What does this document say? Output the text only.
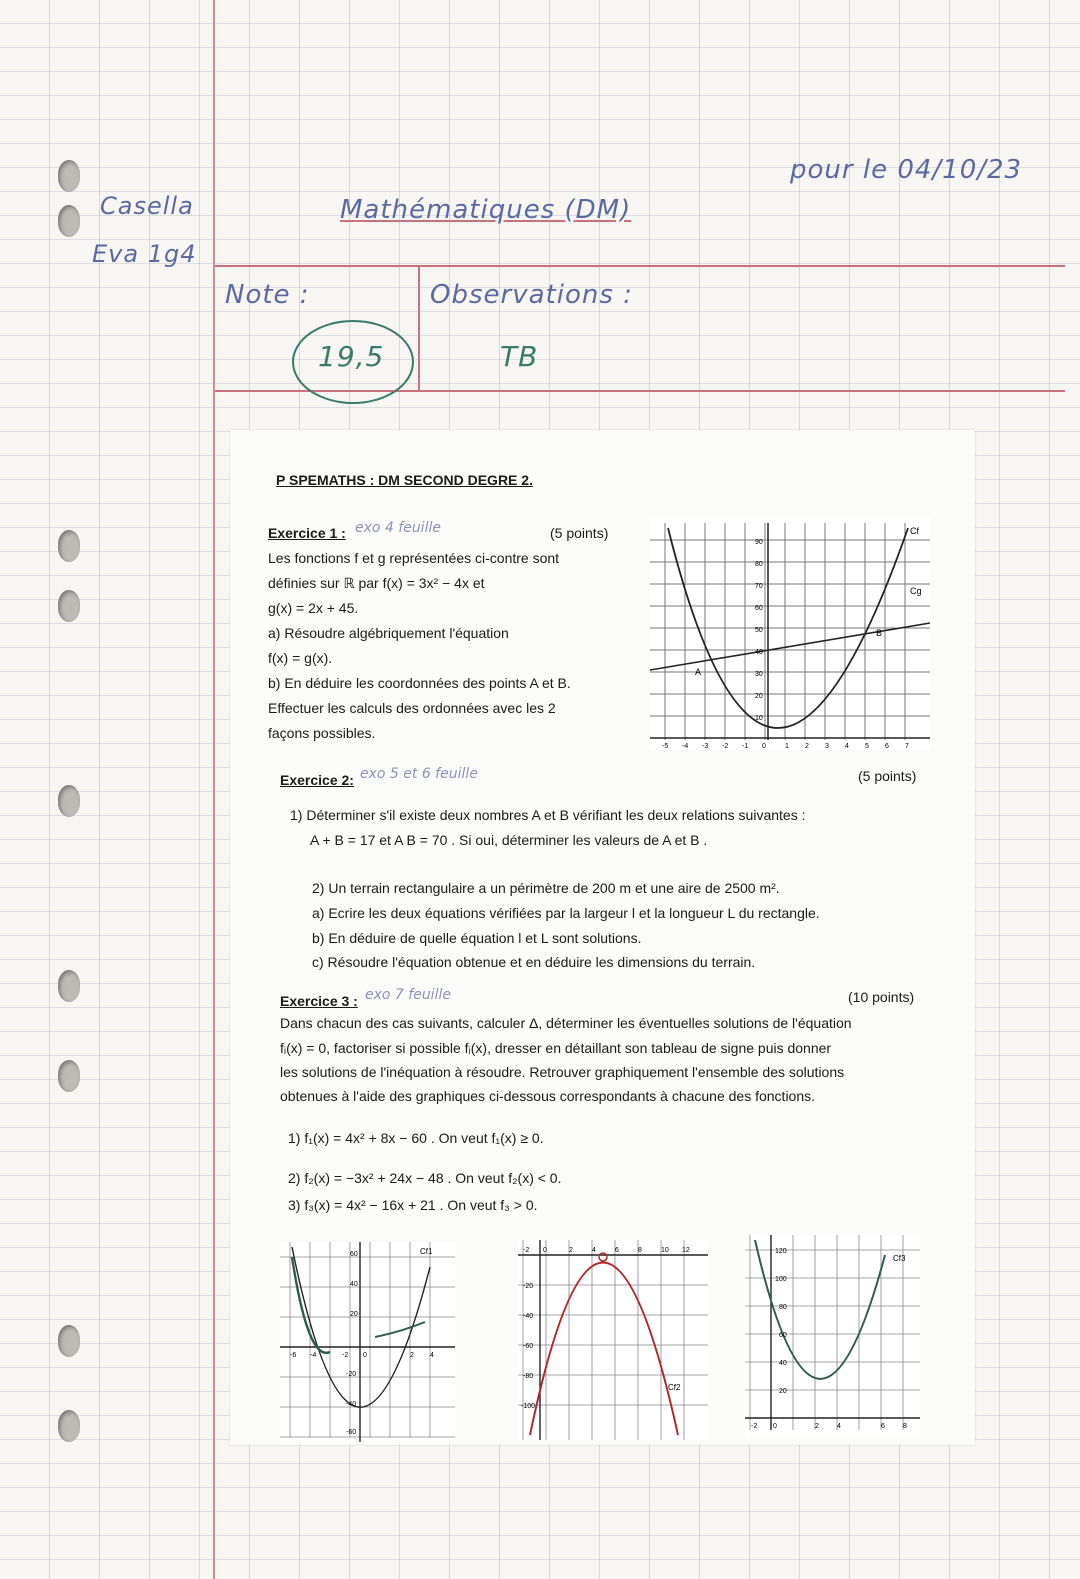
Casella
Eva 1g4
Mathématiques (DM)
pour le 04/10/23
Note :	Observations :
19,5	TB
P SPEMATHS : DM SECOND DEGRE 2.
Exercice 1 : exo 4 feuille	(5 points)
Les fonctions f et g représentées ci-contre sont
définies sur ℝ par f(x) = 3x² − 4x et
g(x) = 2x + 45.
a) Résoudre algébriquement l'équation
f(x) = g(x).
b) En déduire les coordonnées des points A et B.
Effectuer les calculs des ordonnées avec les 2
façons possibles.
90
80
70
60
50
40
30
20
10
-5 -4 -3 -2 -1 0	1 2 3 4 5 6 7
Cf
Cg
A
B
Exercice 2: exo 5 et 6 feuille	(5 points)
1) Déterminer s'il existe deux nombres A et B vérifiant les deux relations suivantes :
A + B = 17 et A B = 70 . Si oui, déterminer les valeurs de A et B .
2) Un terrain rectangulaire a un périmètre de 200 m et une aire de 2500 m².
a) Ecrire les deux équations vérifiées par la largeur l et la longueur L du rectangle.
b) En déduire de quelle équation l et L sont solutions.
c) Résoudre l'équation obtenue et en déduire les dimensions du terrain.
Exercice 3 : exo 7 feuille	(10 points)
Dans chacun des cas suivants, calculer Δ, déterminer les éventuelles solutions de l'équation
fᵢ(x) = 0, factoriser si possible fᵢ(x), dresser en détaillant son tableau de signe puis donner
les solutions de l'inéquation à résoudre. Retrouver graphiquement l'ensemble des solutions
obtenues à l'aide des graphiques ci-dessous correspondants à chacune des fonctions.
1) f₁(x) = 4x² + 8x − 60 . On veut f₁(x) ≥ 0.
2) f₂(x) = −3x² + 24x − 48 . On veut f₂(x) < 0.
3) f₃(x) = 4x² − 16x + 21 . On veut f₃ > 0.
Cf1
60
40
20
-20
-40
-60
-6 -4	-2 0	2 4
Cf2
-20
-40
-60
-80
-100
-2 0	2	4	6	8	10 12
Cf3
120
100
80
60
40
20
-2 0	2	4	6	8
